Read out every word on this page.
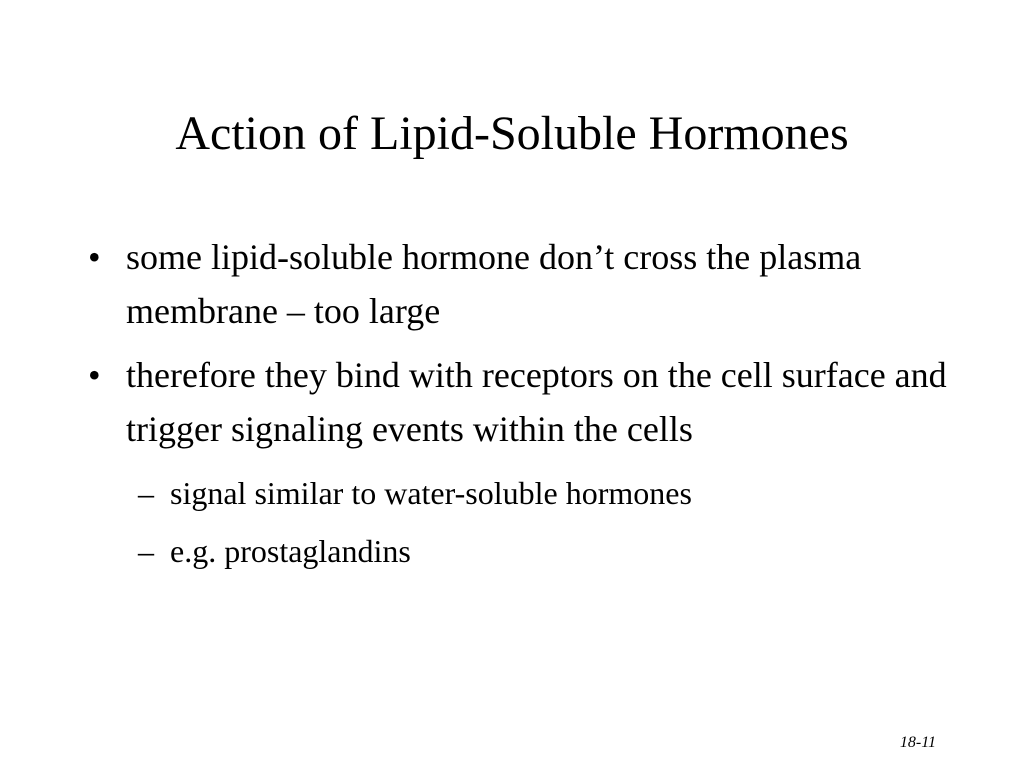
Action of Lipid-Soluble Hormones
• some lipid-soluble hormone don’t cross the plasma membrane – too large
• therefore they bind with receptors on the cell surface and trigger signaling events within the cells
– signal similar to water-soluble hormones
– e.g. prostaglandins
18-11
